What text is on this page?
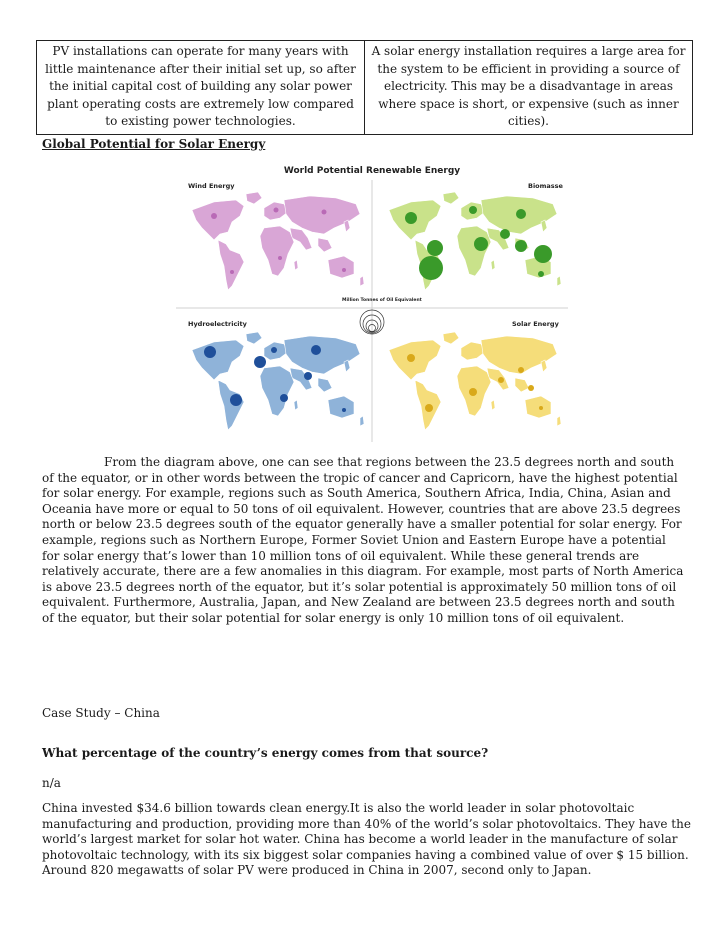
PV installations can operate for many years with little maintenance after their initial set up, so after the initial capital cost of building any solar power plant operating costs are extremely low compared to existing power technologies.	A solar energy installation requires a large area for the system to be efficient in providing a source of electricity. This may be a disadvantage in areas where space is short, or expensive (such as inner cities).
Global Potential for Solar Energy
World Potential Renewable Energy
Wind Energy	Biomasse
Hydroelectricity	Solar Energy
Million Tonnes of Oil Equivalent

From the diagram above, one can see that regions between the 23.5 degrees north and south of the equator, or in other words between the tropic of cancer and Capricorn, have the highest potential for solar energy. For example, regions such as South America, Southern Africa, India, China, Asian and Oceania have more or equal to 50 tons of oil equivalent. However, countries that are above 23.5 degrees north or below 23.5 degrees south of the equator generally have a smaller potential for solar energy. For example, regions such as Northern Europe, Former Soviet Union and Eastern Europe have a potential for solar energy that’s lower than 10 million tons of oil equivalent. While these general trends are relatively accurate, there are a few anomalies in this diagram. For example, most parts of North America is above 23.5 degrees north of the equator, but it’s solar potential is approximately 50 million tons of oil equivalent. Furthermore, Australia, Japan, and New Zealand are between 23.5 degrees north and south of the equator, but their solar potential for solar energy is only 10 million tons of oil equivalent.

Case Study – China
What percentage of the country’s energy comes from that source?
n/a

China invested $34.6 billion towards clean energy.It is also the world leader in solar photovoltaic manufacturing and production, providing more than 40% of the world’s solar photovoltaics. They have the world’s largest market for solar hot water. China has become a world leader in the manufacture of solar photovoltaic technology, with its six biggest solar companies having a combined value of over $ 15 billion. Around 820 megawatts of solar PV were produced in China in 2007, second only to Japan.
